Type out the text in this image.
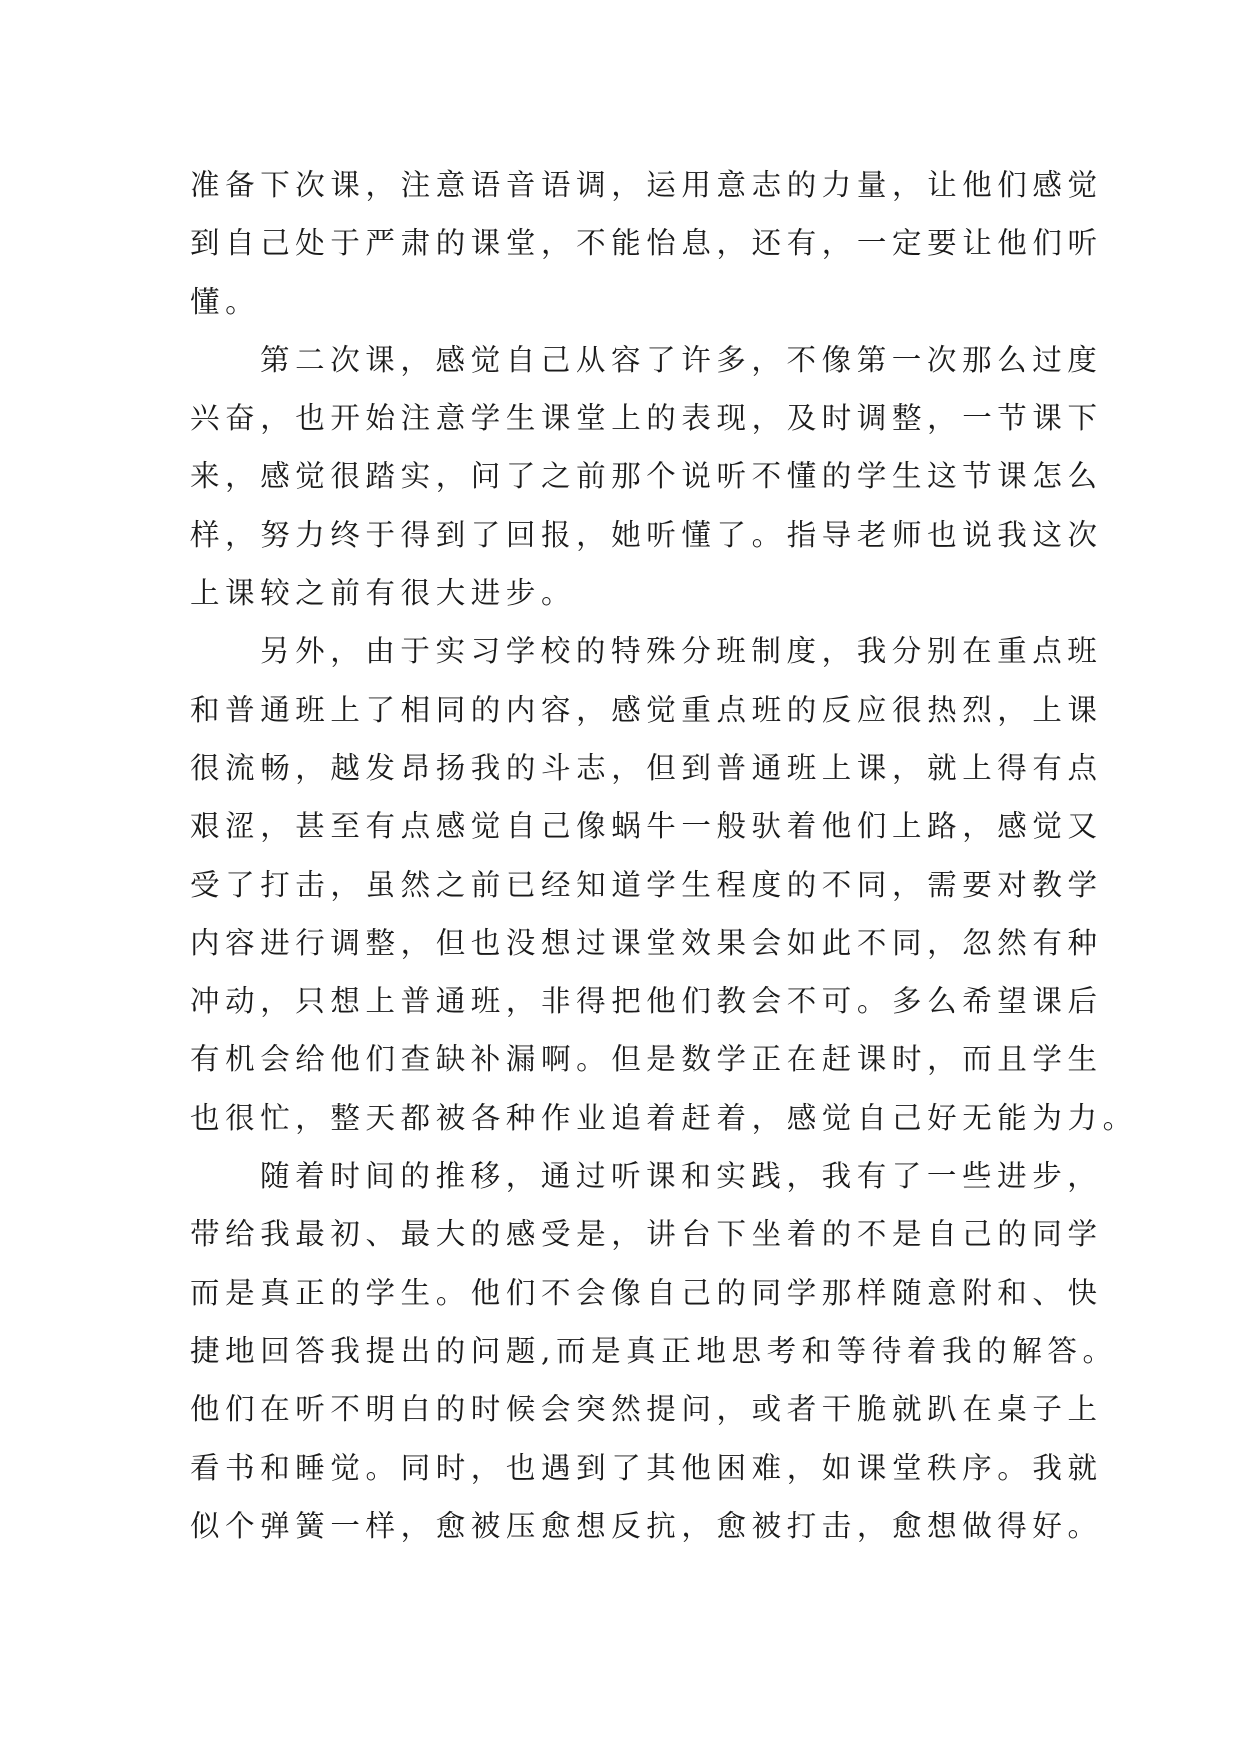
准备下次课，注意语音语调，运用意志的力量，让他们感觉
到自己处于严肃的课堂，不能怡息，还有，一定要让他们听
懂。
第二次课，感觉自己从容了许多，不像第一次那么过度
兴奋，也开始注意学生课堂上的表现，及时调整，一节课下
来，感觉很踏实，问了之前那个说听不懂的学生这节课怎么
样，努力终于得到了回报，她听懂了。指导老师也说我这次
上课较之前有很大进步。
另外，由于实习学校的特殊分班制度，我分别在重点班
和普通班上了相同的内容，感觉重点班的反应很热烈，上课
很流畅，越发昂扬我的斗志，但到普通班上课，就上得有点
艰涩，甚至有点感觉自己像蜗牛一般驮着他们上路，感觉又
受了打击，虽然之前已经知道学生程度的不同，需要对教学
内容进行调整，但也没想过课堂效果会如此不同，忽然有种
冲动，只想上普通班，非得把他们教会不可。多么希望课后
有机会给他们查缺补漏啊。但是数学正在赶课时，而且学生
也很忙，整天都被各种作业追着赶着，感觉自己好无能为力。
随着时间的推移，通过听课和实践，我有了一些进步，
带给我最初、最大的感受是，讲台下坐着的不是自己的同学
而是真正的学生。他们不会像自己的同学那样随意附和、快
捷地回答我提出的问题,而是真正地思考和等待着我的解答。
他们在听不明白的时候会突然提问，或者干脆就趴在桌子上
看书和睡觉。同时，也遇到了其他困难，如课堂秩序。我就
似个弹簧一样，愈被压愈想反抗，愈被打击，愈想做得好。
